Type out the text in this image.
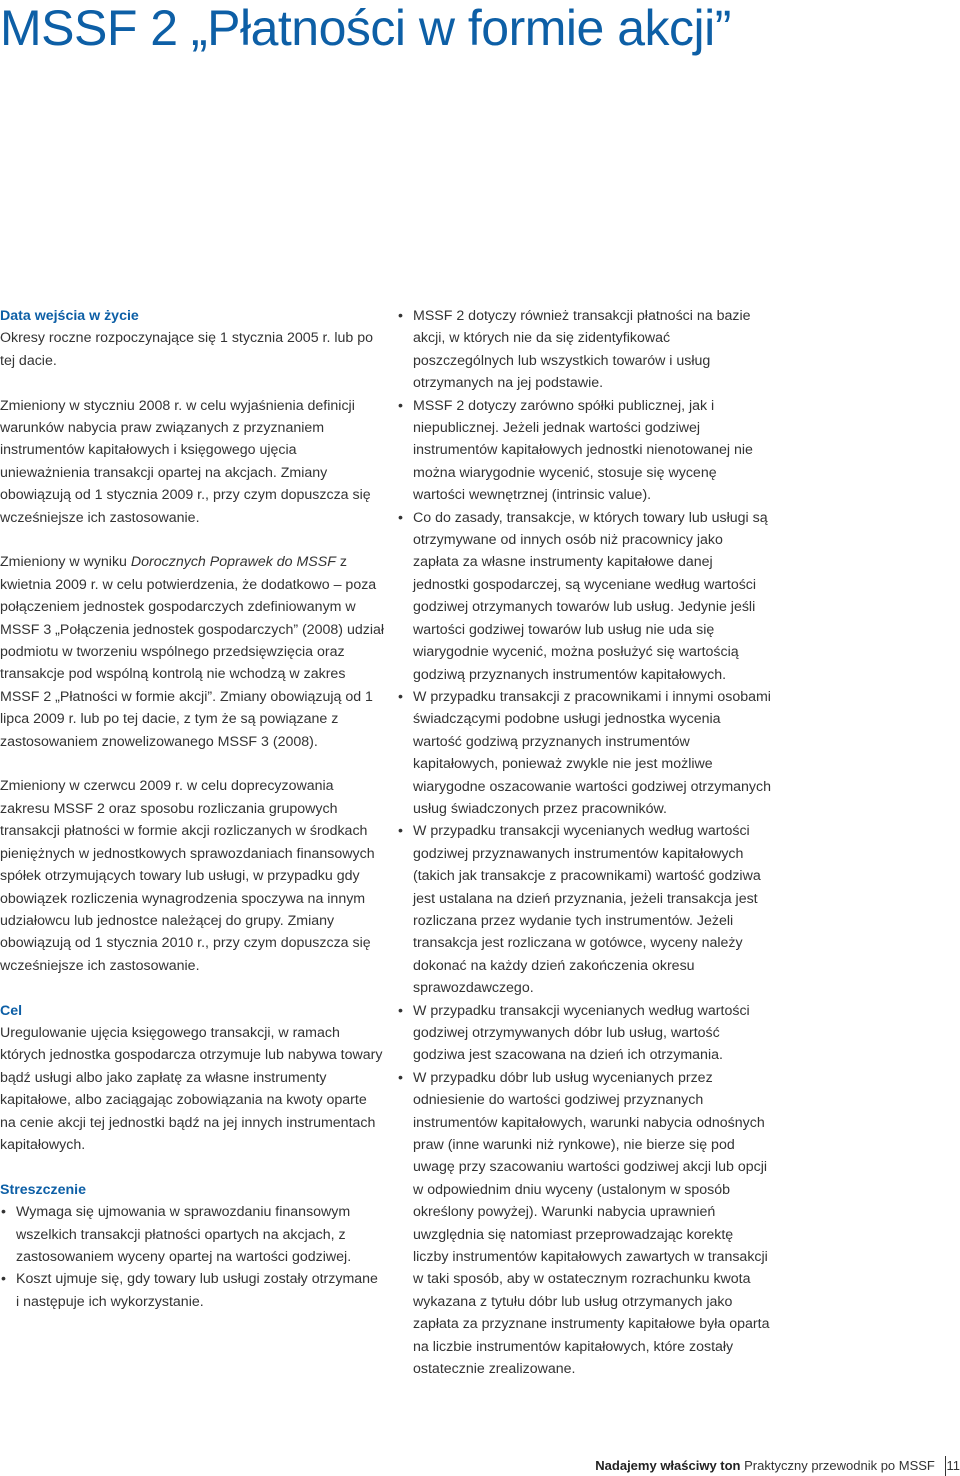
MSSF 2 „Płatności w formie akcji”

Data wejścia w życie

Okresy roczne rozpoczynające się 1 stycznia 2005 r. lub po tej dacie.

Zmieniony w styczniu 2008 r. w celu wyjaśnienia definicji warunków nabycia praw związanych z przyznaniem instrumentów kapitałowych i księgowego ujęcia unieważnienia transakcji opartej na akcjach. Zmiany obowiązują od 1 stycznia 2009 r., przy czym dopuszcza się wcześniejsze ich zastosowanie.

Zmieniony w wyniku Dorocznych Poprawek do MSSF z kwietnia 2009 r. w celu potwierdzenia, że dodatkowo – poza połączeniem jednostek gospodarczych zdefiniowanym w MSSF 3 „Połączenia jednostek gospodarczych” (2008) udział podmiotu w tworzeniu wspólnego przedsięwzięcia oraz transakcje pod wspólną kontrolą nie wchodzą w zakres MSSF 2 „Płatności w formie akcji”. Zmiany obowiązują od 1 lipca 2009 r. lub po tej dacie, z tym że są powiązane z zastosowaniem znowelizowanego MSSF 3 (2008).

Zmieniony w czerwcu 2009 r. w celu doprecyzowania zakresu MSSF 2 oraz sposobu rozliczania grupowych transakcji płatności w formie akcji rozliczanych w środkach pieniężnych w jednostkowych sprawozdaniach finansowych spółek otrzymujących towary lub usługi, w przypadku gdy obowiązek rozliczenia wynagrodzenia spoczywa na innym udziałowcu lub jednostce należącej do grupy. Zmiany obowiązują od 1 stycznia 2010 r., przy czym dopuszcza się wcześniejsze ich zastosowanie.

Cel

Uregulowanie ujęcia księgowego transakcji, w ramach których jednostka gospodarcza otrzymuje lub nabywa towary bądź usługi albo jako zapłatę za własne instrumenty kapitałowe, albo zaciągając zobowiązania na kwoty oparte na cenie akcji tej jednostki bądź na jej innych instrumentach kapitałowych.

Streszczenie

• Wymaga się ujmowania w sprawozdaniu finansowym wszelkich transakcji płatności opartych na akcjach, z zastosowaniem wyceny opartej na wartości godziwej.
• Koszt ujmuje się, gdy towary lub usługi zostały otrzymane i następuje ich wykorzystanie.
• MSSF 2 dotyczy również transakcji płatności na bazie akcji, w których nie da się zidentyfikować poszczególnych lub wszystkich towarów i usług otrzymanych na jej podstawie.
• MSSF 2 dotyczy zarówno spółki publicznej, jak i niepublicznej. Jeżeli jednak wartości godziwej instrumentów kapitałowych jednostki nienotowanej nie można wiarygodnie wycenić, stosuje się wycenę wartości wewnętrznej (intrinsic value).
• Co do zasady, transakcje, w których towary lub usługi są otrzymywane od innych osób niż pracownicy jako zapłata za własne instrumenty kapitałowe danej jednostki gospodarczej, są wyceniane według wartości godziwej otrzymanych towarów lub usług. Jedynie jeśli wartości godziwej towarów lub usług nie uda się wiarygodnie wycenić, można posłużyć się wartością godziwą przyznanych instrumentów kapitałowych.
• W przypadku transakcji z pracownikami i innymi osobami świadczącymi podobne usługi jednostka wycenia wartość godziwą przyznanych instrumentów kapitałowych, ponieważ zwykle nie jest możliwe wiarygodne oszacowanie wartości godziwej otrzymanych usług świadczonych przez pracowników.
• W przypadku transakcji wycenianych według wartości godziwej przyznawanych instrumentów kapitałowych (takich jak transakcje z pracownikami) wartość godziwa jest ustalana na dzień przyznania, jeżeli transakcja jest rozliczana przez wydanie tych instrumentów. Jeżeli transakcja jest rozliczana w gotówce, wyceny należy dokonać na każdy dzień zakończenia okresu sprawozdawczego.
• W przypadku transakcji wycenianych według wartości godziwej otrzymywanych dóbr lub usług, wartość godziwa jest szacowana na dzień ich otrzymania.
• W przypadku dóbr lub usług wycenianych przez odniesienie do wartości godziwej przyznanych instrumentów kapitałowych, warunki nabycia odnośnych praw (inne warunki niż rynkowe), nie bierze się pod uwagę przy szacowaniu wartości godziwej akcji lub opcji w odpowiednim dniu wyceny (ustalonym w sposób określony powyżej). Warunki nabycia uprawnień uwzględnia się natomiast przeprowadzając korektę liczby instrumentów kapitałowych zawartych w transakcji w taki sposób, aby w ostatecznym rozrachunku kwota wykazana z tytułu dóbr lub usług otrzymanych jako zapłata za przyznane instrumenty kapitałowe była oparta na liczbie instrumentów kapitałowych, które zostały ostatecznie zrealizowane.
Nadajemy właściwy ton Praktyczny przewodnik po MSSF 11
